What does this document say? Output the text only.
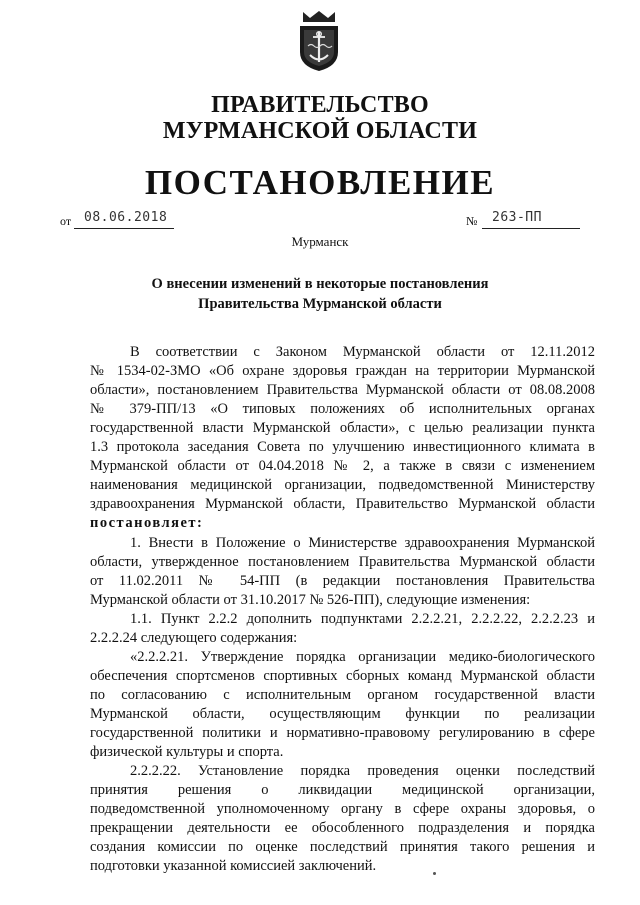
ПРАВИТЕЛЬСТВО
МУРМАНСКОЙ ОБЛАСТИ
ПОСТАНОВЛЕНИЕ
от 08.06.2018	№ 263-ПП
Мурманск
О внесении изменений в некоторые постановления
Правительства Мурманской области
В соответствии с Законом Мурманской области от 12.11.2012
№ 1534-02-ЗМО «Об охране здоровья граждан на территории Мурманской
области», постановлением Правительства Мурманской области от 08.08.2008
№ 379-ПП/13 «О типовых положениях об исполнительных органах
государственной власти Мурманской области», с целью реализации пункта
1.3 протокола заседания Совета по улучшению инвестиционного климата в
Мурманской области от 04.04.2018 № 2, а также в связи с изменением
наименования медицинской организации, подведомственной Министерству
здравоохранения Мурманской области, Правительство Мурманской области
постановляет:
1. Внести в Положение о Министерстве здравоохранения Мурманской
области, утвержденное постановлением Правительства Мурманской области
от 11.02.2011 № 54-ПП (в редакции постановления Правительства
Мурманской области от 31.10.2017 № 526-ПП), следующие изменения:
1.1. Пункт 2.2.2 дополнить подпунктами 2.2.2.21, 2.2.2.22, 2.2.2.23 и
2.2.2.24 следующего содержания:
«2.2.2.21. Утверждение порядка организации медико-биологического
обеспечения спортсменов спортивных сборных команд Мурманской области
по согласованию с исполнительным органом государственной власти
Мурманской области, осуществляющим функции по реализации
государственной политики и нормативно-правовому регулированию в сфере
физической культуры и спорта.
2.2.2.22. Установление порядка проведения оценки последствий
принятия решения о ликвидации медицинской организации,
подведомственной уполномоченному органу в сфере охраны здоровья, о
прекращении деятельности ее обособленного подразделения и порядка
создания комиссии по оценке последствий принятия такого решения и
подготовки указанной комиссией заключений.
